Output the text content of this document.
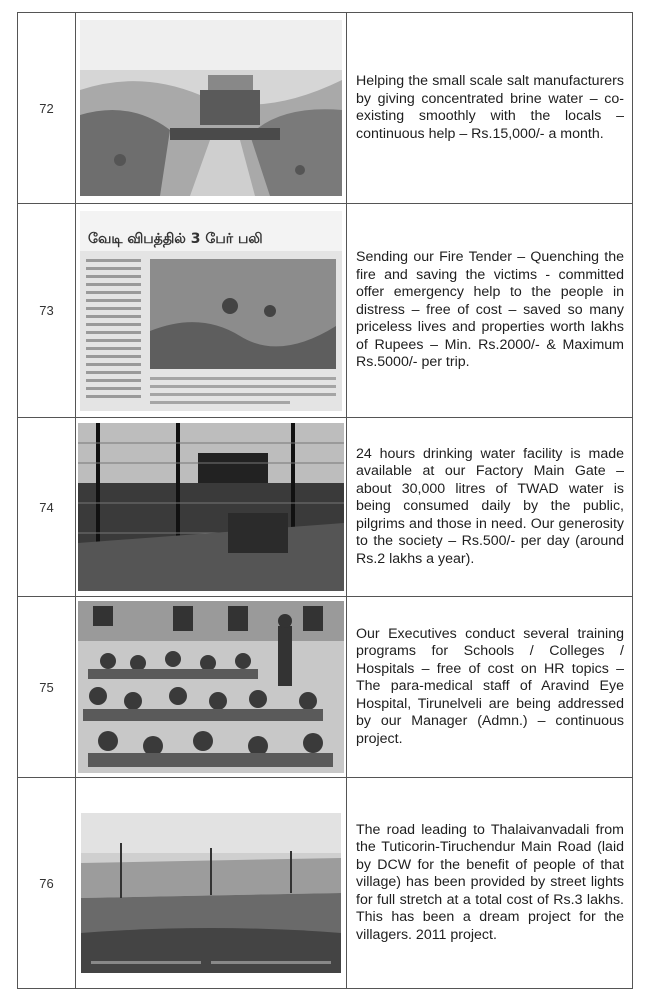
72

Helping the small scale salt manufacturers by giving concentrated brine water – co-existing smoothly with the locals – continuous help – Rs.15,000/- a month.

73
வேடி விபத்தில் 3 பேர் பலி

Sending our Fire Tender – Quenching the fire and saving the victims - committed offer emergency help to the people in distress – free of cost – saved so many priceless lives and properties worth lakhs of Rupees – Min. Rs.2000/- & Maximum Rs.5000/- per trip.

74

24 hours drinking water facility is made available at our Factory Main Gate – about 30,000 litres of TWAD water is being consumed daily by the public, pilgrims and those in need. Our generosity to the society – Rs.500/- per day (around Rs.2 lakhs a year).

75

Our Executives conduct several training programs for Schools / Colleges / Hospitals – free of cost on HR topics – The para-medical staff of Aravind Eye Hospital, Tirunelveli are being addressed by our Manager (Admn.) – continuous project.

76

The road leading to Thalaivanvadali from the Tuticorin-Tiruchendur Main Road (laid by DCW for the benefit of people of that village) has been provided by street lights for full stretch at a total cost of Rs.3 lakhs. This has been a dream project for the villagers. 2011 project.
